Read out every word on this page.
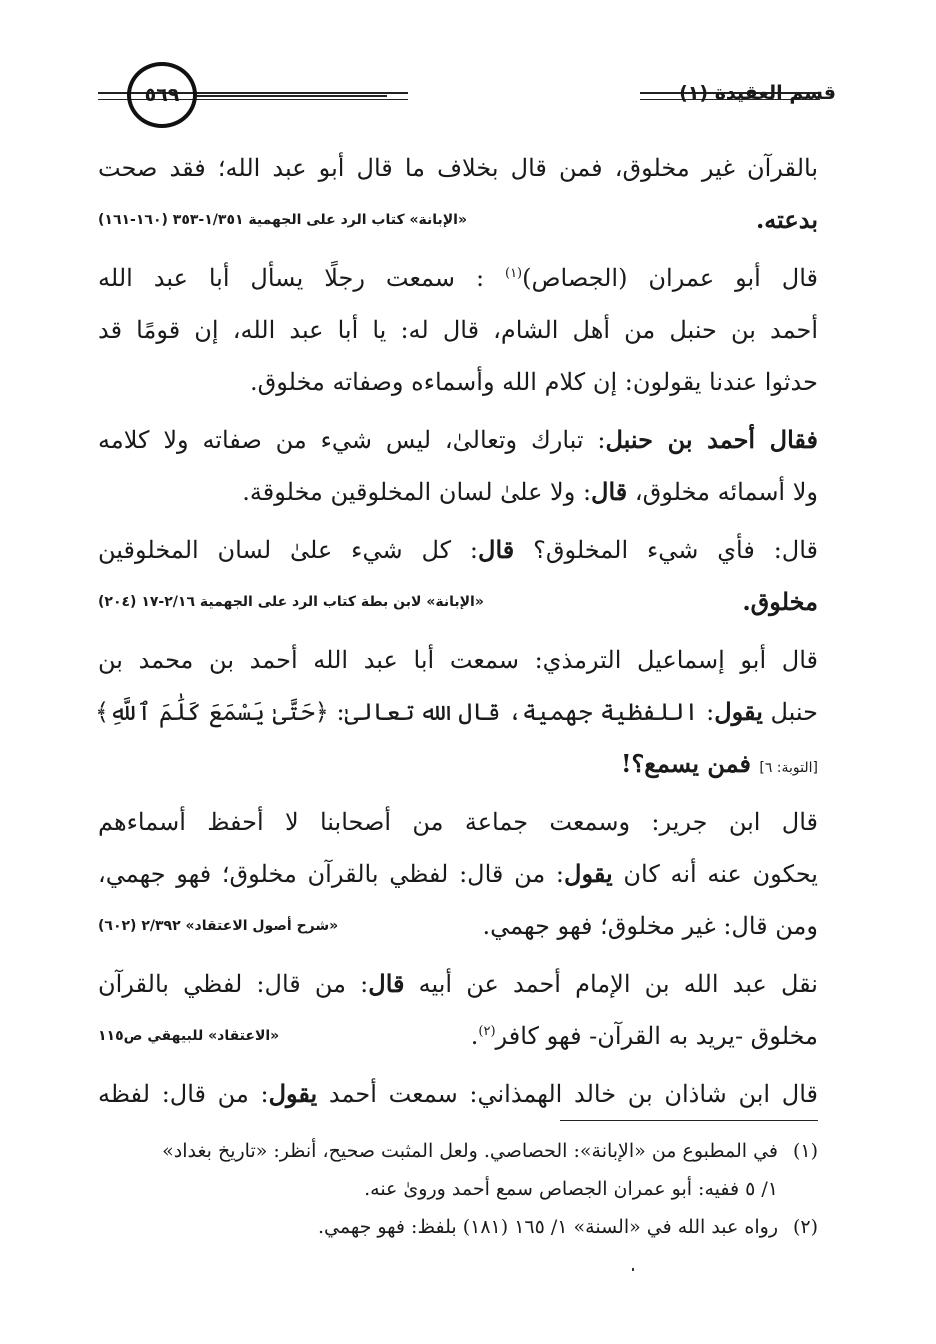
قسم العقيدة (١)
٥٦٩
بالقرآن غير مخلوق، فمن قال بخلاف ما قال أبو عبد الله؛ فقد صحت
بدعته.
«الإبانة» كتاب الرد على الجهمية ١/٣٥١-٣٥٣ (١٦٠-١٦١)
قال أبو عمران (الجصاص)$^{(١)}$ : سمعت رجلًا يسأل أبا عبد الله
أحمد بن حنبل من أهل الشام، قال له: يا أبا عبد الله، إن قومًا قد
حدثوا عندنا يقولون: إن كلام الله وأسماءه وصفاته مخلوق.
فقال أحمد بن حنبل: تبارك وتعالىٰ، ليس شيء من صفاته ولا كلامه
ولا أسمائه مخلوق، قال: ولا علىٰ لسان المخلوقين مخلوقة.
قال: فأي شيء المخلوق؟ قال: كل شيء علىٰ لسان المخلوقين
مخلوق.
«الإبانة» لابن بطة كتاب الرد على الجهمية ٢/١٦-١٧ (٢٠٤)
قال أبو إسماعيل الترمذي: سمعت أبا عبد الله أحمد بن محمد بن
حنبل يقول: اللفظية جهمية، قال الله تعالىٰ: ﴿حَتَّىٰ يَسْمَعَ كَلَٰمَ ٱللَّهِ﴾
[التوبة: ٦] فمن يسمع؟!
قال ابن جرير: وسمعت جماعة من أصحابنا لا أحفظ أسماءهم
يحكون عنه أنه كان يقول: من قال: لفظي بالقرآن مخلوق؛ فهو جهمي،
ومن قال: غير مخلوق؛ فهو جهمي.
«شرح أصول الاعتقاد» ٢/٣٩٢ (٦٠٢)
نقل عبد الله بن الإمام أحمد عن أبيه قال: من قال: لفظي بالقرآن
مخلوق -يريد به القرآن- فهو كافر$^{(٢)}$.
«الاعتقاد» للبيهقي ص١١٥
قال ابن شاذان بن خالد الهمذاني: سمعت أحمد يقول: من قال: لفظه
(١)في المطبوع من «الإبانة»: الحصاصي. ولعل المثبت صحيح، أنظر: «تاريخ بغداد»
١/ ٥ ففيه: أبو عمران الجصاص سمع أحمد وروىٰ عنه.
(٢)رواه عبد الله في «السنة» ١/ ١٦٥ (١٨١) بلفظ: فهو جهمي.
